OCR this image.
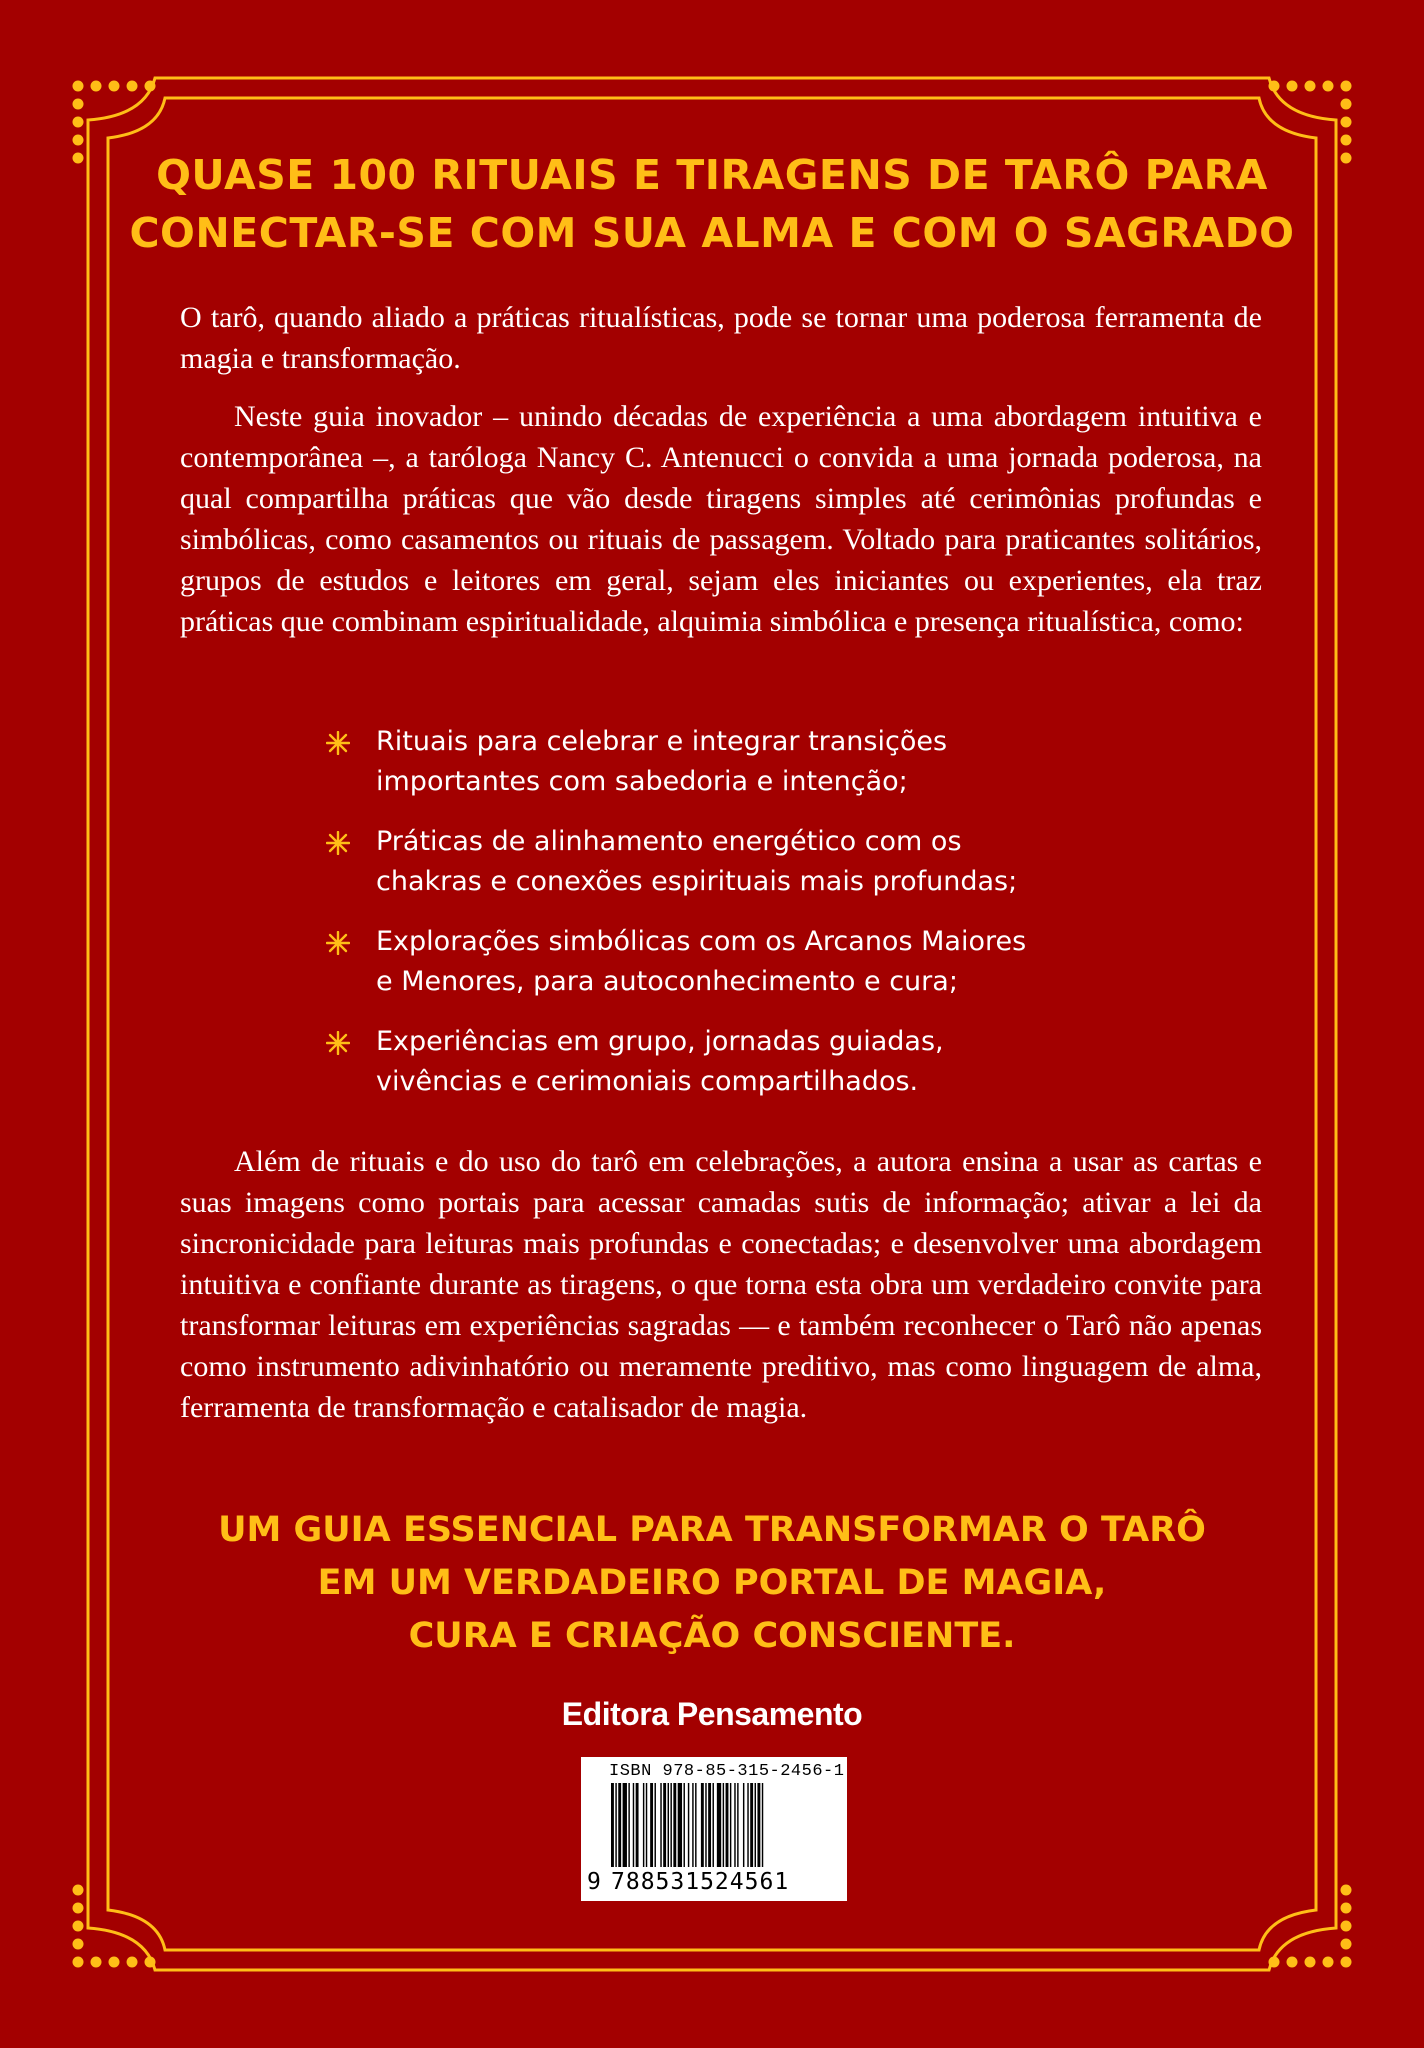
QUASE 100 RITUAIS E TIRAGENS DE TARÔ PARA
CONECTAR-SE COM SUA ALMA E COM O SAGRADO

O tarô, quando aliado a práticas ritualísticas, pode se tornar uma poderosa ferramenta de magia e transformação.

Neste guia inovador – unindo décadas de experiência a uma abordagem intuitiva e contemporânea –, a taróloga Nancy C. Antenucci o convida a uma jornada poderosa, na qual compartilha práticas que vão desde tiragens simples até cerimônias profundas e simbólicas, como casamentos ou rituais de passagem. Voltado para praticantes solitários, grupos de estudos e leitores em geral, sejam eles iniciantes ou experientes, ela traz práticas que combinam espiritualidade, alquimia simbólica e presença ritualística, como:

Rituais para celebrar e integrar transições
importantes com sabedoria e intenção;
Práticas de alinhamento energético com os
chakras e conexões espirituais mais profundas;
Explorações simbólicas com os Arcanos Maiores
e Menores, para autoconhecimento e cura;
Experiências em grupo, jornadas guiadas,
vivências e cerimoniais compartilhados.

Além de rituais e do uso do tarô em celebrações, a autora ensina a usar as cartas e suas imagens como portais para acessar camadas sutis de informação; ativar a lei da sincronicidade para leituras mais profundas e conectadas; e desenvolver uma abordagem intuitiva e confiante durante as tiragens, o que torna esta obra um verdadeiro convite para transformar leituras em experiências sagradas — e também reconhecer o Tarô não apenas como instrumento adivinhatório ou meramente preditivo, mas como linguagem de alma, ferramenta de transformação e catalisador de magia.

UM GUIA ESSENCIAL PARA TRANSFORMAR O TARÔ
EM UM VERDADEIRO PORTAL DE MAGIA,
CURA E CRIAÇÃO CONSCIENTE.
Editora Pensamento
ISBN 978-85-315-2456-1
9 788531524561
